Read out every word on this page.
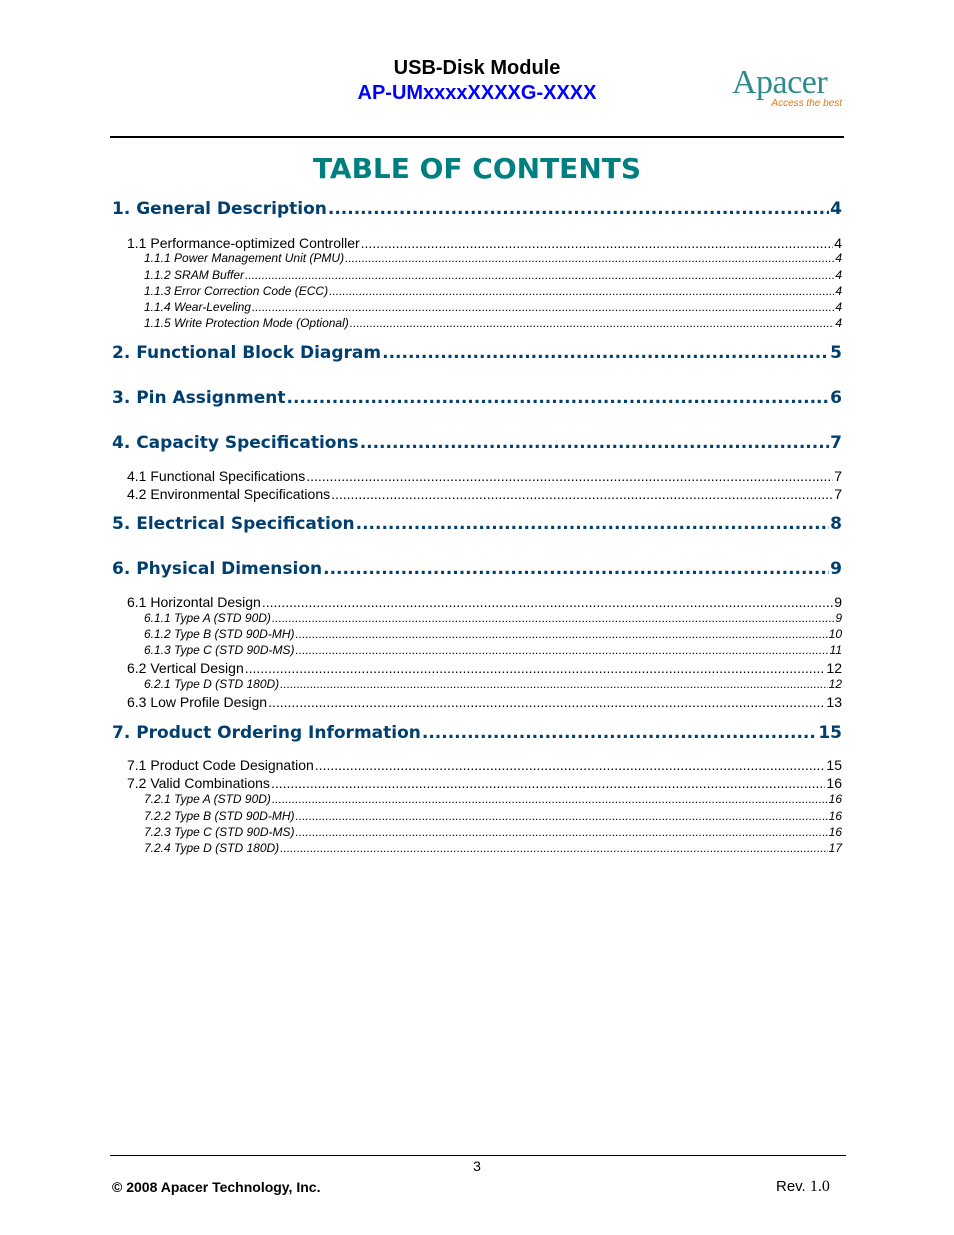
USB-Disk Module
AP-UMxxxxXXXXG-XXXX	Apacer
Access the best
TABLE OF CONTENTS
1. General Description .....	4
1.1 Performance-optimized Controller .....	4
1.1.1 Power Management Unit (PMU) .....	4
1.1.2 SRAM Buffer .....	4
1.1.3 Error Correction Code (ECC) .....	4
1.1.4 Wear-Leveling .....	4
1.1.5 Write Protection Mode (Optional) .....	4
2. Functional Block Diagram .....	5
3. Pin Assignment .....	6
4. Capacity Specifications .....	7
4.1 Functional Specifications .....	7
4.2 Environmental Specifications .....	7
5. Electrical Specification .....	8
6. Physical Dimension .....	9
6.1 Horizontal Design .....	9
6.1.1 Type A (STD 90D) .....	9
6.1.2 Type B (STD 90D-MH) .....	10
6.1.3 Type C (STD 90D-MS) .....	11
6.2 Vertical Design .....	12
6.2.1 Type D (STD 180D) .....	12
6.3 Low Profile Design .....	13
7. Product Ordering Information .....	15
7.1 Product Code Designation .....	15
7.2 Valid Combinations .....	16
7.2.1 Type A (STD 90D) .....	16
7.2.2 Type B (STD 90D-MH) .....	16
7.2.3 Type C (STD 90D-MS) .....	16
7.2.4 Type D (STD 180D) .....	17
3
© 2008 Apacer Technology, Inc.	Rev. 1.0
